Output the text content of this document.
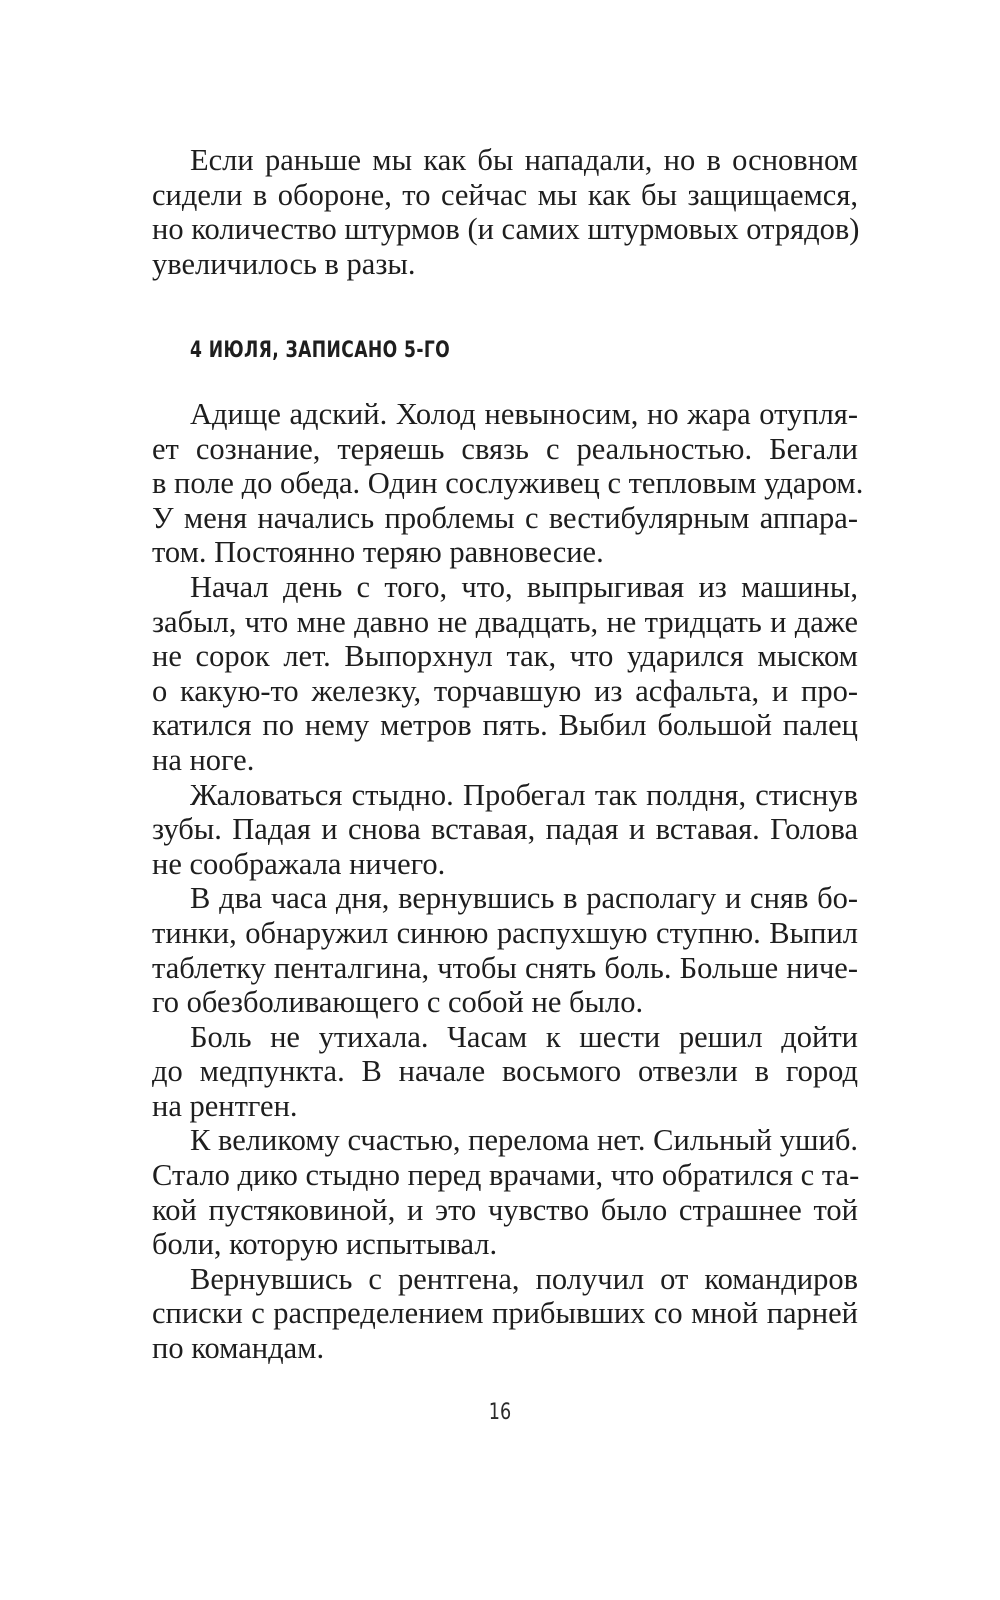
Если раньше мы как бы нападали, но в основном
сидели в обороне, то сейчас мы как бы защищаемся,
но количество штурмов (и самих штурмовых отрядов)
увеличилось в разы.
4 ИЮЛЯ, ЗАПИСАНО 5-ГО
Адище адский. Холод невыносим, но жара отупля-
ет сознание, теряешь связь с реальностью. Бегали
в поле до обеда. Один сослуживец с тепловым ударом.
У меня начались проблемы с вестибулярным аппара-
том. Постоянно теряю равновесие.
Начал день с того, что, выпрыгивая из машины,
забыл, что мне давно не двадцать, не тридцать и даже
не сорок лет. Выпорхнул так, что ударился мыском
о какую-то железку, торчавшую из асфальта, и про-
катился по нему метров пять. Выбил большой палец
на ноге.
Жаловаться стыдно. Пробегал так полдня, стиснув
зубы. Падая и снова вставая, падая и вставая. Голова
не соображала ничего.
В два часа дня, вернувшись в располагу и сняв бо-
тинки, обнаружил синюю распухшую ступню. Выпил
таблетку пенталгина, чтобы снять боль. Больше ниче-
го обезболивающего с собой не было.
Боль не утихала. Часам к шести решил дойти
до медпункта. В начале восьмого отвезли в город
на рентген.
К великому счастью, перелома нет. Сильный ушиб.
Стало дико стыдно перед врачами, что обратился с та-
кой пустяковиной, и это чувство было страшнее той
боли, которую испытывал.
Вернувшись с рентгена, получил от командиров
списки с распределением прибывших со мной парней
по командам.
16
